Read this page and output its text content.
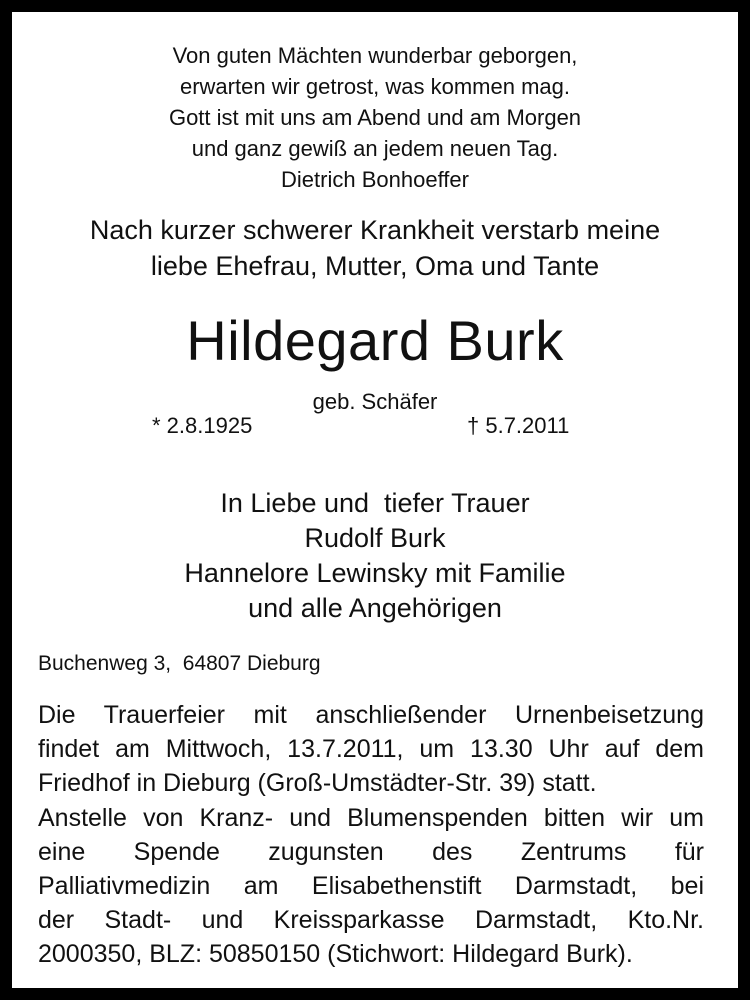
Von guten Mächten wunderbar geborgen,
erwarten wir getrost, was kommen mag.
Gott ist mit uns am Abend und am Morgen
und ganz gewiß an jedem neuen Tag.
Dietrich Bonhoeffer
Nach kurzer schwerer Krankheit verstarb meine
liebe Ehefrau, Mutter, Oma und Tante
Hildegard Burk
geb. Schäfer
* 2.8.1925	† 5.7.2011
In Liebe und  tiefer Trauer
Rudolf Burk
Hannelore Lewinsky mit Familie
und alle Angehörigen
Buchenweg 3,  64807 Dieburg
Die Trauerfeier mit anschließender Urnenbeisetzung
findet am Mittwoch, 13.7.2011, um 13.30 Uhr auf dem
Friedhof in Dieburg (Groß-Umstädter-Str. 39) statt.
Anstelle von Kranz- und Blumenspenden bitten wir um
eine Spende zugunsten des Zentrums für
Palliativmedizin am Elisabethenstift Darmstadt, bei
der Stadt- und Kreissparkasse Darmstadt, Kto.Nr.
2000350, BLZ: 50850150 (Stichwort: Hildegard Burk).
